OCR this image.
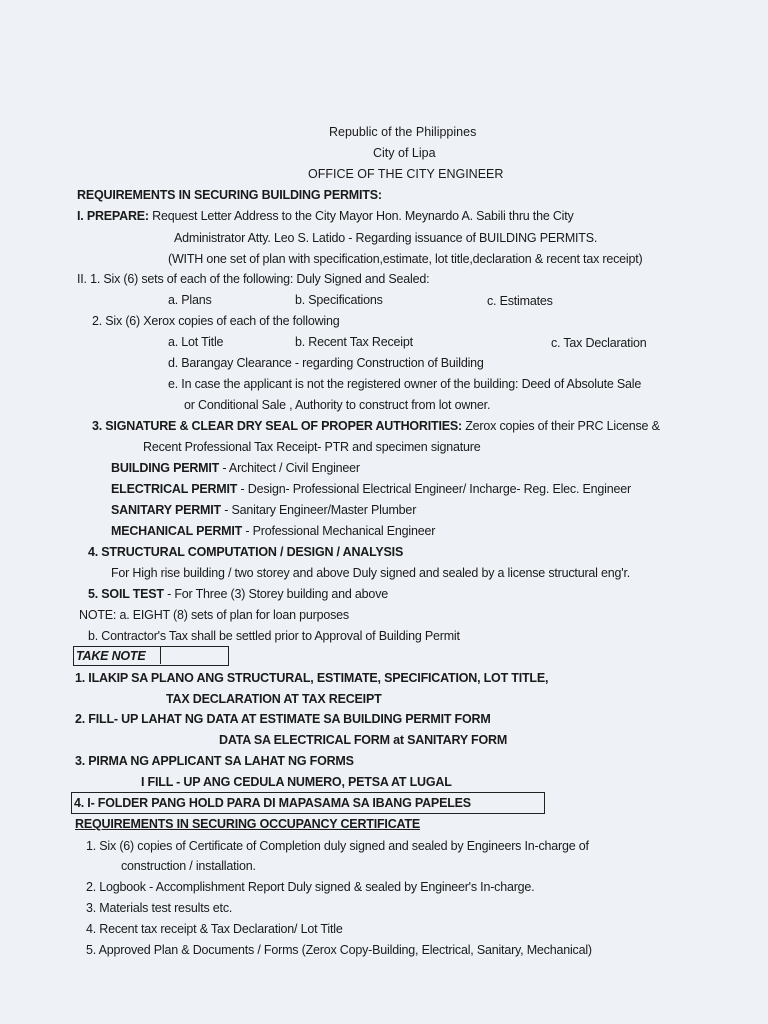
Republic of the Philippines
City of Lipa
OFFICE OF THE CITY ENGINEER
REQUIREMENTS IN SECURING BUILDING PERMITS:
I. PREPARE: Request Letter Address to the City Mayor Hon. Meynardo A. Sabili thru the City
Administrator Atty. Leo S. Latido - Regarding issuance of BUILDING PERMITS.
(WITH one set of plan with specification,estimate, lot title,declaration & recent tax receipt)
II. 1. Six (6) sets of each of the following: Duly Signed and Sealed:
a. Plans	b. Specifications	c. Estimates
2. Six (6) Xerox copies of each of the following
a. Lot Title	b. Recent Tax Receipt	c. Tax Declaration
d. Barangay Clearance - regarding Construction of Building
e. In case the applicant is not the registered owner of the building: Deed of Absolute Sale
or Conditional Sale , Authority to construct from lot owner.
3. SIGNATURE & CLEAR DRY SEAL OF PROPER AUTHORITIES: Zerox copies of their PRC License &
Recent Professional Tax Receipt- PTR and specimen signature
BUILDING PERMIT - Architect / Civil Engineer
ELECTRICAL PERMIT - Design- Professional Electrical Engineer/ Incharge- Reg. Elec. Engineer
SANITARY PERMIT - Sanitary Engineer/Master Plumber
MECHANICAL PERMIT - Professional Mechanical Engineer
4. STRUCTURAL COMPUTATION / DESIGN / ANALYSIS
For High rise building / two storey and above Duly signed and sealed by a license structural eng'r.
5. SOIL TEST - For Three (3) Storey building and above
NOTE: a. EIGHT (8) sets of plan for loan purposes
b. Contractor's Tax shall be settled prior to Approval of Building Permit
TAKE NOTE
1. ILAKIP SA PLANO ANG STRUCTURAL, ESTIMATE, SPECIFICATION, LOT TITLE,
TAX DECLARATION AT TAX RECEIPT
2. FILL- UP LAHAT NG DATA AT ESTIMATE SA BUILDING PERMIT FORM
DATA SA ELECTRICAL FORM at SANITARY FORM
3. PIRMA NG APPLICANT SA LAHAT NG FORMS
I FILL - UP ANG CEDULA NUMERO, PETSA AT LUGAL
4. I- FOLDER PANG HOLD PARA DI MAPASAMA SA IBANG PAPELES
REQUIREMENTS IN SECURING OCCUPANCY CERTIFICATE
1. Six (6) copies of Certificate of Completion duly signed and sealed by Engineers In-charge of
construction / installation.
2. Logbook - Accomplishment Report Duly signed & sealed by Engineer's In-charge.
3. Materials test results etc.
4. Recent tax receipt & Tax Declaration/ Lot Title
5. Approved Plan & Documents / Forms (Zerox Copy-Building, Electrical, Sanitary, Mechanical)
